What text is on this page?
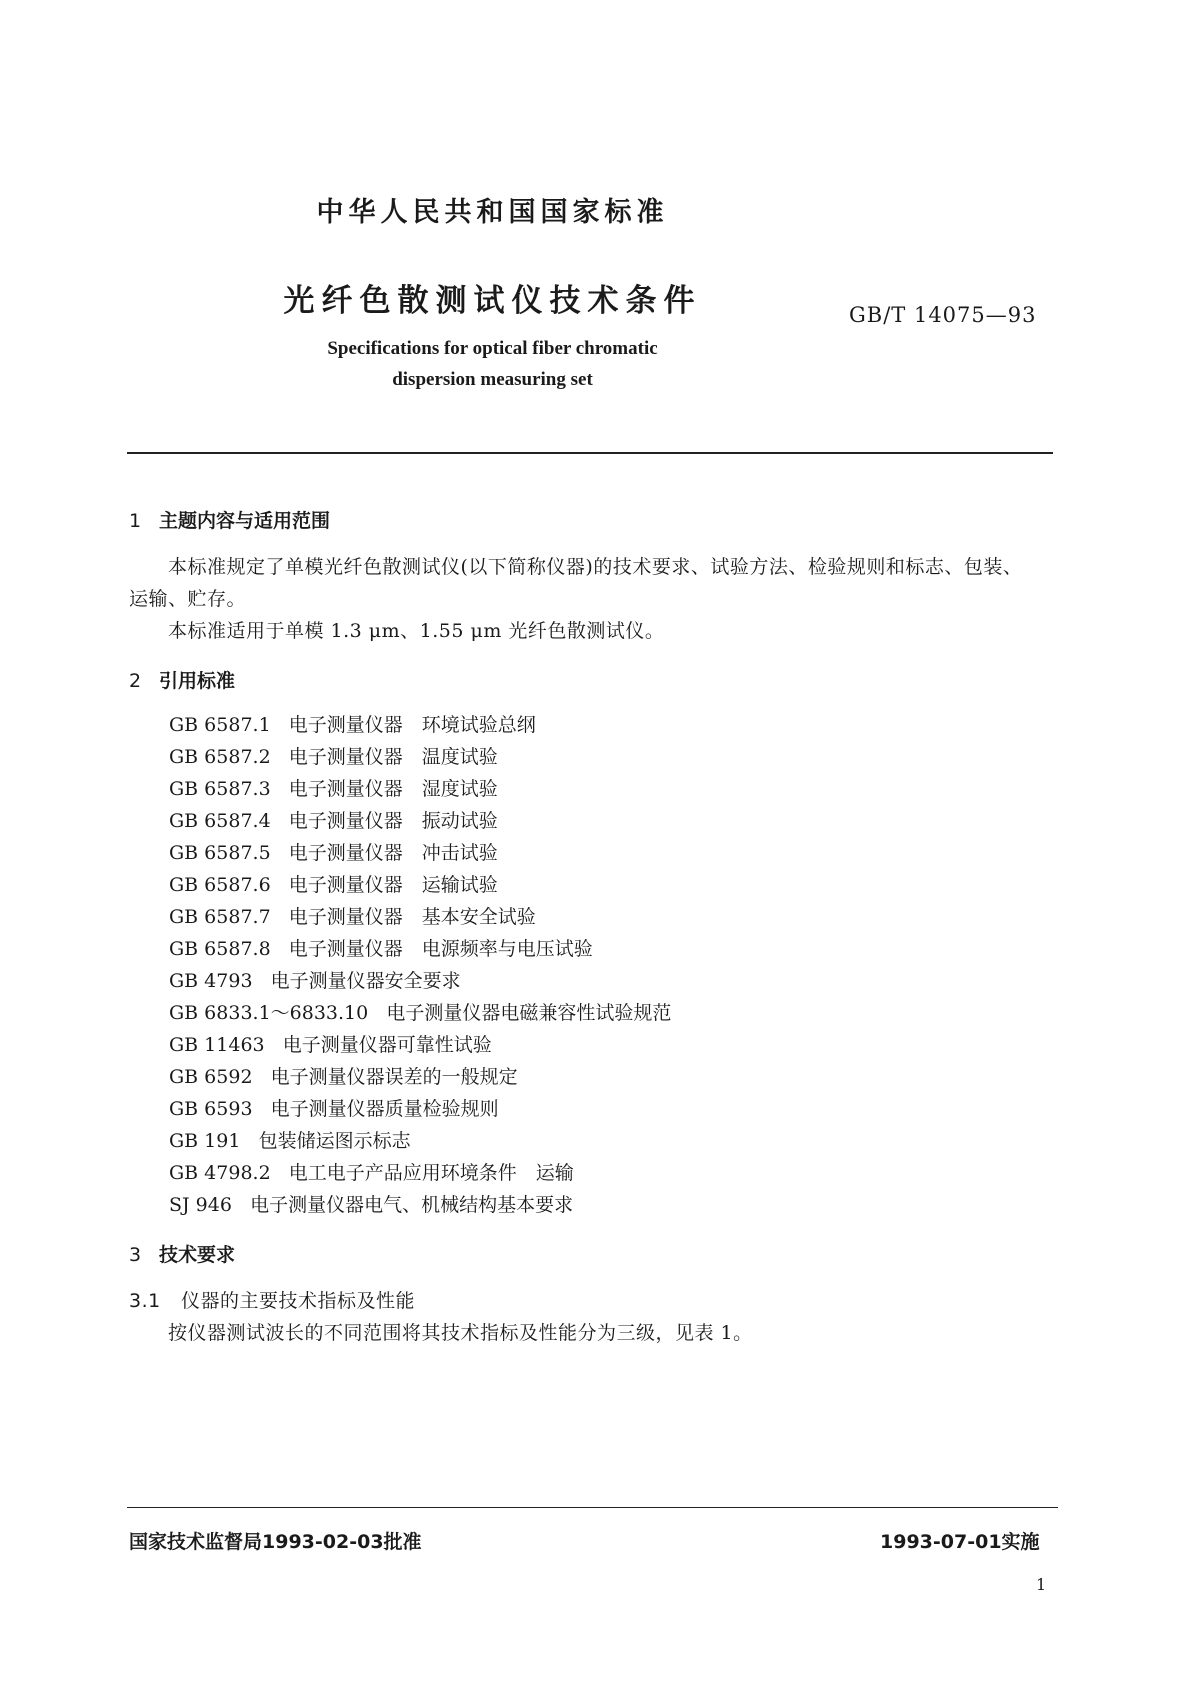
中华人民共和国国家标准
光纤色散测试仪技术条件	GB/T 14075—93
Specifications for optical fiber chromatic
dispersion measuring set
1 主题内容与适用范围
本标准规定了单模光纤色散测试仪(以下简称仪器)的技术要求、试验方法、检验规则和标志、包装、
运输、贮存。
本标准适用于单模 1.3 μm、1.55 μm 光纤色散测试仪。
2 引用标准
GB 6587.1 电子测量仪器　环境试验总纲
GB 6587.2 电子测量仪器　温度试验
GB 6587.3 电子测量仪器　湿度试验
GB 6587.4 电子测量仪器　振动试验
GB 6587.5 电子测量仪器　冲击试验
GB 6587.6 电子测量仪器　运输试验
GB 6587.7 电子测量仪器　基本安全试验
GB 6587.8 电子测量仪器　电源频率与电压试验
GB 4793 电子测量仪器安全要求
GB 6833.1～6833.10 电子测量仪器电磁兼容性试验规范
GB 11463 电子测量仪器可靠性试验
GB 6592 电子测量仪器误差的一般规定
GB 6593 电子测量仪器质量检验规则
GB 191 包装储运图示标志
GB 4798.2 电工电子产品应用环境条件　运输
SJ 946 电子测量仪器电气、机械结构基本要求
3 技术要求
3.1 仪器的主要技术指标及性能
按仪器测试波长的不同范围将其技术指标及性能分为三级，见表 1。
国家技术监督局1993-02-03批准	1993-07-01实施
1
